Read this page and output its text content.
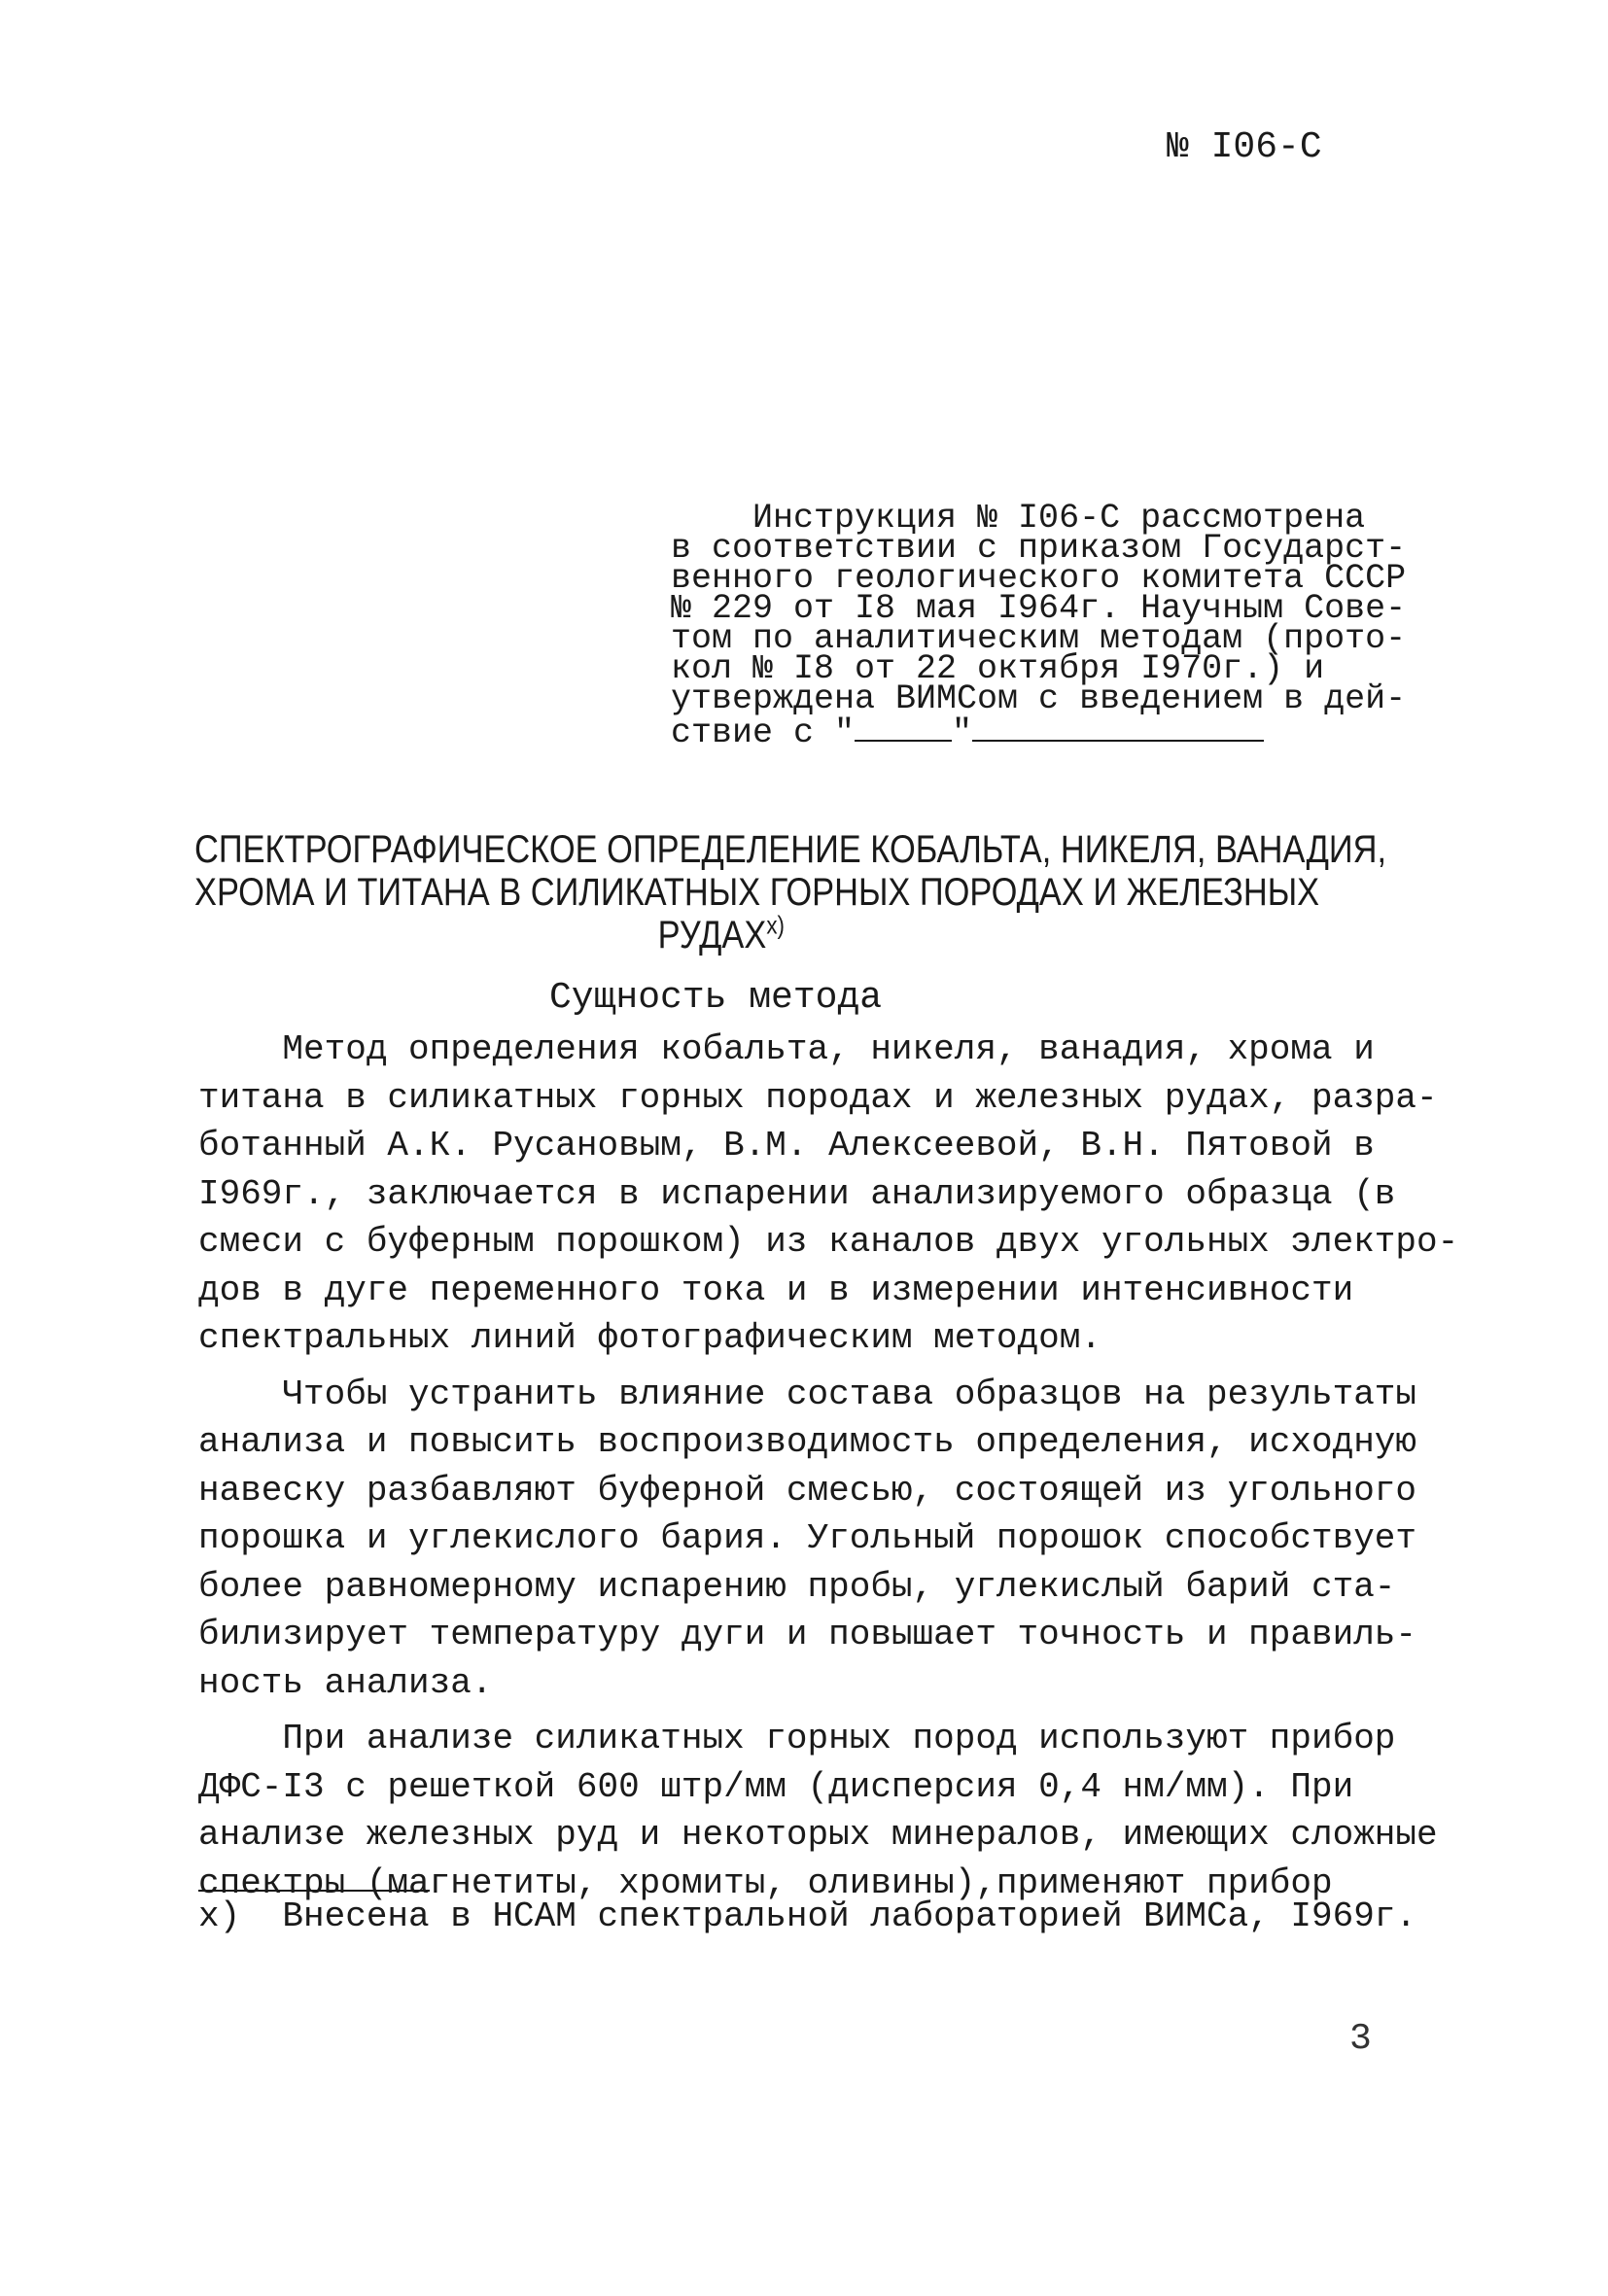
№ I06-С
Инструкция № I06-С рассмотрена
в соответствии с приказом Государст-
венного геологического комитета СССР
№ 229 от I8 мая I964г. Научным Сове-
том по аналитическим методам (прото-
кол № I8 от 22 октября I970г.) и
утверждена ВИМСом с введением в дей-
ствие с "	"
СПЕКТРОГРАФИЧЕСКОЕ ОПРЕДЕЛЕНИЕ КОБАЛЬТА, НИКЕЛЯ, ВАНАДИЯ,
ХРОМА И ТИТАНА В СИЛИКАТНЫХ ГОРНЫХ ПОРОДАХ И ЖЕЛЕЗНЫХ
РУДАХ$^{x)}$
Сущность метода

Метод определения кобальта, никеля, ванадия, хрома и
титана в силикатных горных породах и железных рудах, разра-
ботанный А.К. Русановым, В.М. Алексеевой, В.Н. Пятовой в
I969г., заключается в испарении анализируемого образца (в
смеси с буферным порошком) из каналов двух угольных электро-
дов в дуге переменного тока и в измерении интенсивности
спектральных линий фотографическим методом.

Чтобы устранить влияние состава образцов на результаты
анализа и повысить воспроизводимость определения, исходную
навеску разбавляют буферной смесью, состоящей из угольного
порошка и углекислого бария. Угольный порошок способствует
более равномерному испарению пробы, углекислый барий ста-
билизирует температуру дуги и повышает точность и правиль-
ность анализа.

При анализе силикатных горных пород используют прибор
ДФС-I3 с решеткой 600 штр/мм (дисперсия 0,4 нм/мм). При
анализе железных руд и некоторых минералов, имеющих сложные
спектры (магнетиты, хромиты, оливины),применяют прибор

х)  Внесена в НСАМ спектральной лабораторией ВИМСа, I969г.
3
